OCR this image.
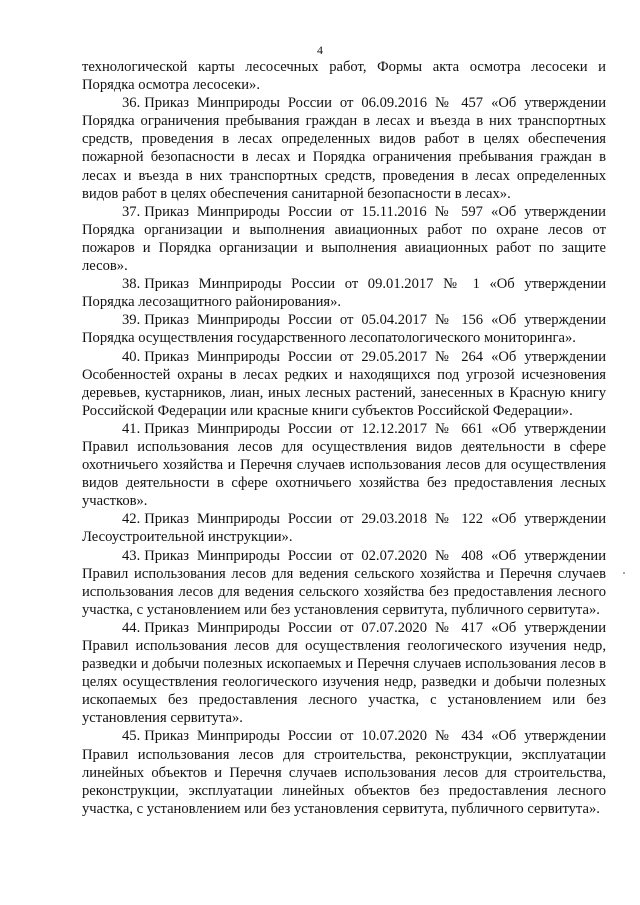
4

технологической карты лесосечных работ, Формы акта осмотра лесосеки и Порядка осмотра лесосеки».

36. Приказ Минприроды России от 06.09.2016 № 457 «Об утверждении Порядка ограничения пребывания граждан в лесах и въезда в них транспортных средств, проведения в лесах определенных видов работ в целях обеспечения пожарной безопасности в лесах и Порядка ограничения пребывания граждан в лесах и въезда в них транспортных средств, проведения в лесах определенных видов работ в целях обеспечения санитарной безопасности в лесах».

37. Приказ Минприроды России от 15.11.2016 № 597 «Об утверждении Порядка организации и выполнения авиационных работ по охране лесов от пожаров и Порядка организации и выполнения авиационных работ по защите лесов».

38. Приказ Минприроды России от 09.01.2017 № 1 «Об утверждении Порядка лесозащитного районирования».

39. Приказ Минприроды России от 05.04.2017 № 156 «Об утверждении Порядка осуществления государственного лесопатологического мониторинга».

40. Приказ Минприроды России от 29.05.2017 № 264 «Об утверждении Особенностей охраны в лесах редких и находящихся под угрозой исчезновения деревьев, кустарников, лиан, иных лесных растений, занесенных в Красную книгу Российской Федерации или красные книги субъектов Российской Федерации».

41. Приказ Минприроды России от 12.12.2017 № 661 «Об утверждении Правил использования лесов для осуществления видов деятельности в сфере охотничьего хозяйства и Перечня случаев использования лесов для осуществления видов деятельности в сфере охотничьего хозяйства без предоставления лесных участков».

42. Приказ Минприроды России от 29.03.2018 № 122 «Об утверждении Лесоустроительной инструкции».

43. Приказ Минприроды России от 02.07.2020 № 408 «Об утверждении Правил использования лесов для ведения сельского хозяйства и Перечня случаев использования лесов для ведения сельского хозяйства без предоставления лесного участка, с установлением или без установления сервитута, публичного сервитута».

44. Приказ Минприроды России от 07.07.2020 № 417 «Об утверждении Правил использования лесов для осуществления геологического изучения недр, разведки и добычи полезных ископаемых и Перечня случаев использования лесов в целях осуществления геологического изучения недр, разведки и добычи полезных ископаемых без предоставления лесного участка, с установлением или без установления сервитута».

45. Приказ Минприроды России от 10.07.2020 № 434 «Об утверждении Правил использования лесов для строительства, реконструкции, эксплуатации линейных объектов и Перечня случаев использования лесов для строительства, реконструкции, эксплуатации линейных объектов без предоставления лесного участка, с установлением или без установления сервитута, публичного сервитута».
